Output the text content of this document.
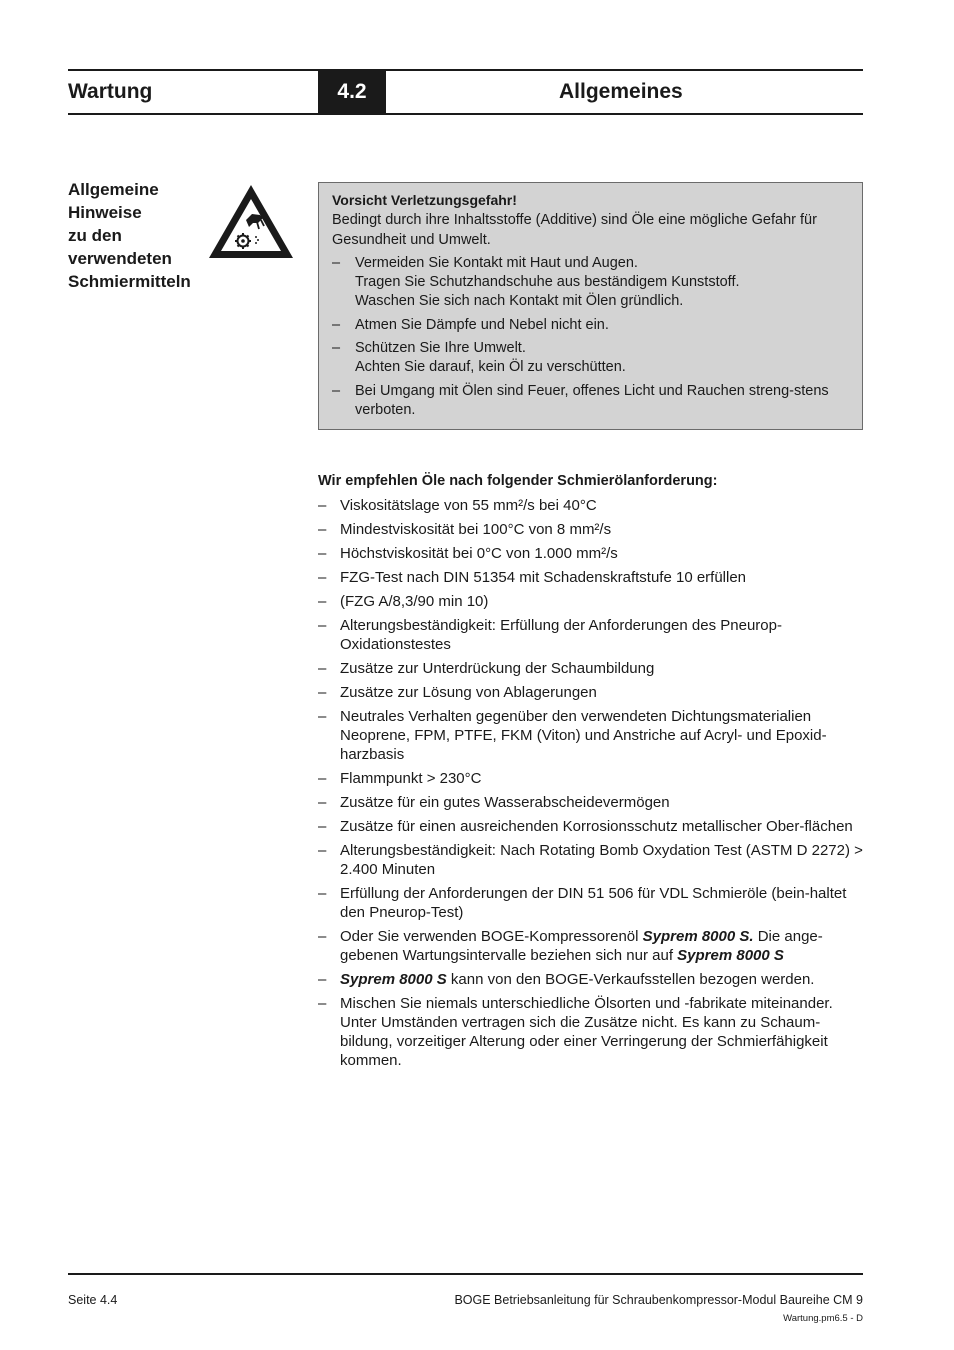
Wartung	4.2	Allgemeines
Allgemeine
Hinweise
zu den
verwendeten
Schmiermitteln
Vorsicht Verletzungsgefahr!
Bedingt durch ihre Inhaltsstoffe (Additive) sind Öle eine mögliche Gefahr für Gesundheit und Umwelt.
– Vermeiden Sie Kontakt mit Haut und Augen.
Tragen Sie Schutzhandschuhe aus beständigem Kunststoff.
Waschen Sie sich nach Kontakt mit Ölen gründlich.
– Atmen Sie Dämpfe und Nebel nicht ein.
– Schützen Sie Ihre Umwelt.
Achten Sie darauf, kein Öl zu verschütten.
– Bei Umgang mit Ölen sind Feuer, offenes Licht und Rauchen streng-stens verboten.
Wir empfehlen Öle nach folgender Schmierölanforderung:
– Viskositätslage von 55 mm²/s bei 40°C
– Mindestviskosität bei 100°C von 8 mm²/s
– Höchstviskosität bei 0°C von 1.000 mm²/s
– FZG-Test nach DIN 51354 mit Schadenskraftstufe 10 erfüllen
– (FZG A/8,3/90 min 10)
– Alterungsbeständigkeit: Erfüllung der Anforderungen des Pneurop-Oxidationstestes
– Zusätze zur Unterdrückung der Schaumbildung
– Zusätze zur Lösung von Ablagerungen
– Neutrales Verhalten gegenüber den verwendeten Dichtungsmaterialien Neoprene, FPM, PTFE, FKM (Viton) und Anstriche auf Acryl- und Epoxid-harzbasis
– Flammpunkt > 230°C
– Zusätze für ein gutes Wasserabscheidevermögen
– Zusätze für einen ausreichenden Korrosionsschutz metallischer Ober-flächen
– Alterungsbeständigkeit: Nach Rotating Bomb Oxydation Test (ASTM D 2272) > 2.400 Minuten
– Erfüllung der Anforderungen der DIN 51 506 für VDL Schmieröle (bein-haltet den Pneurop-Test)
– Oder Sie verwenden BOGE-Kompressorenöl Syprem 8000 S. Die ange-gebenen Wartungsintervalle beziehen sich nur auf Syprem 8000 S
– Syprem 8000 S kann von den BOGE-Verkaufsstellen bezogen werden.
– Mischen Sie niemals unterschiedliche Ölsorten und -fabrikate miteinander. Unter Umständen vertragen sich die Zusätze nicht. Es kann zu Schaum-bildung, vorzeitiger Alterung oder einer Verringerung der Schmierfähigkeit kommen.
Seite 4.4	BOGE Betriebsanleitung für Schraubenkompressor-Modul Baureihe CM 9
Wartung.pm6.5 - D
